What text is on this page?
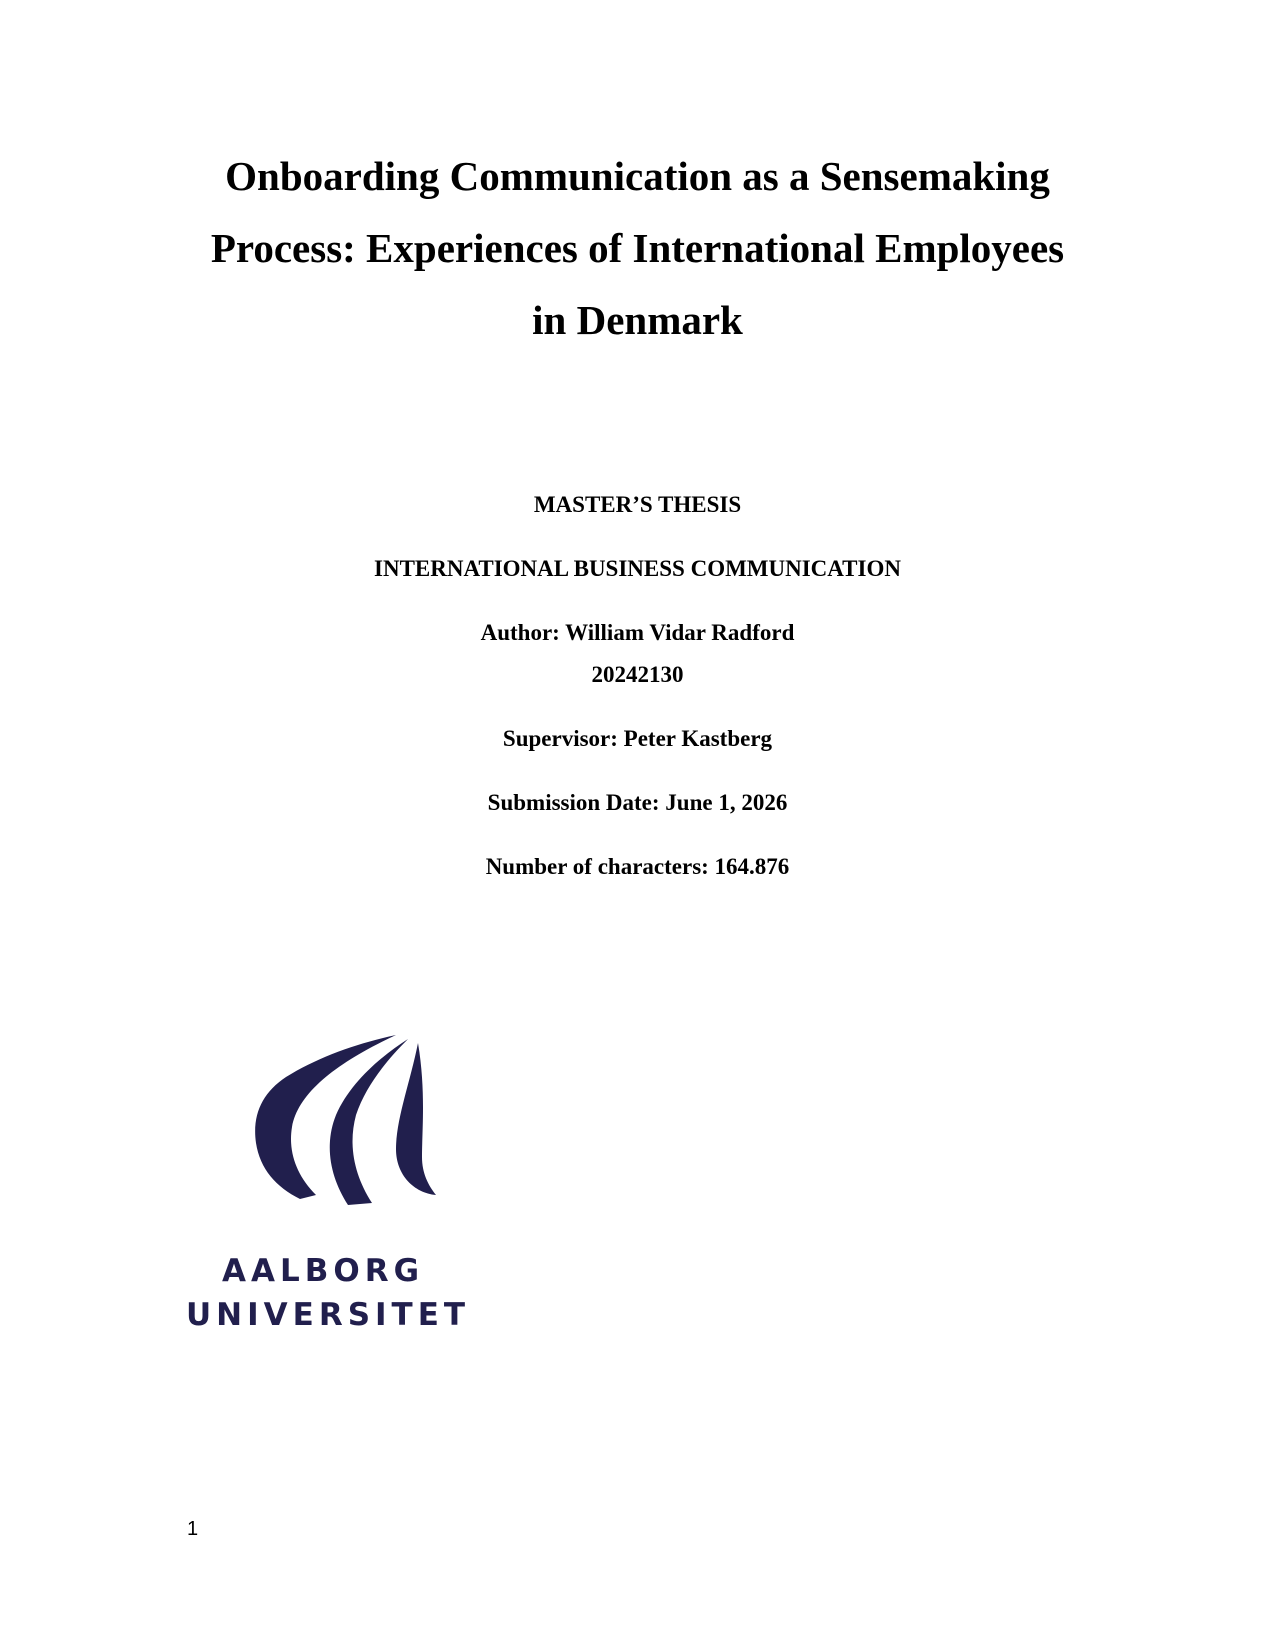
Onboarding Communication as a Sensemaking
Process: Experiences of International Employees
in Denmark
MASTER’S THESIS
INTERNATIONAL BUSINESS COMMUNICATION
Author: William Vidar Radford
20242130
Supervisor: Peter Kastberg
Submission Date: June 1, 2026
Number of characters: 164.876
AALBORG
UNIVERSITET
1
